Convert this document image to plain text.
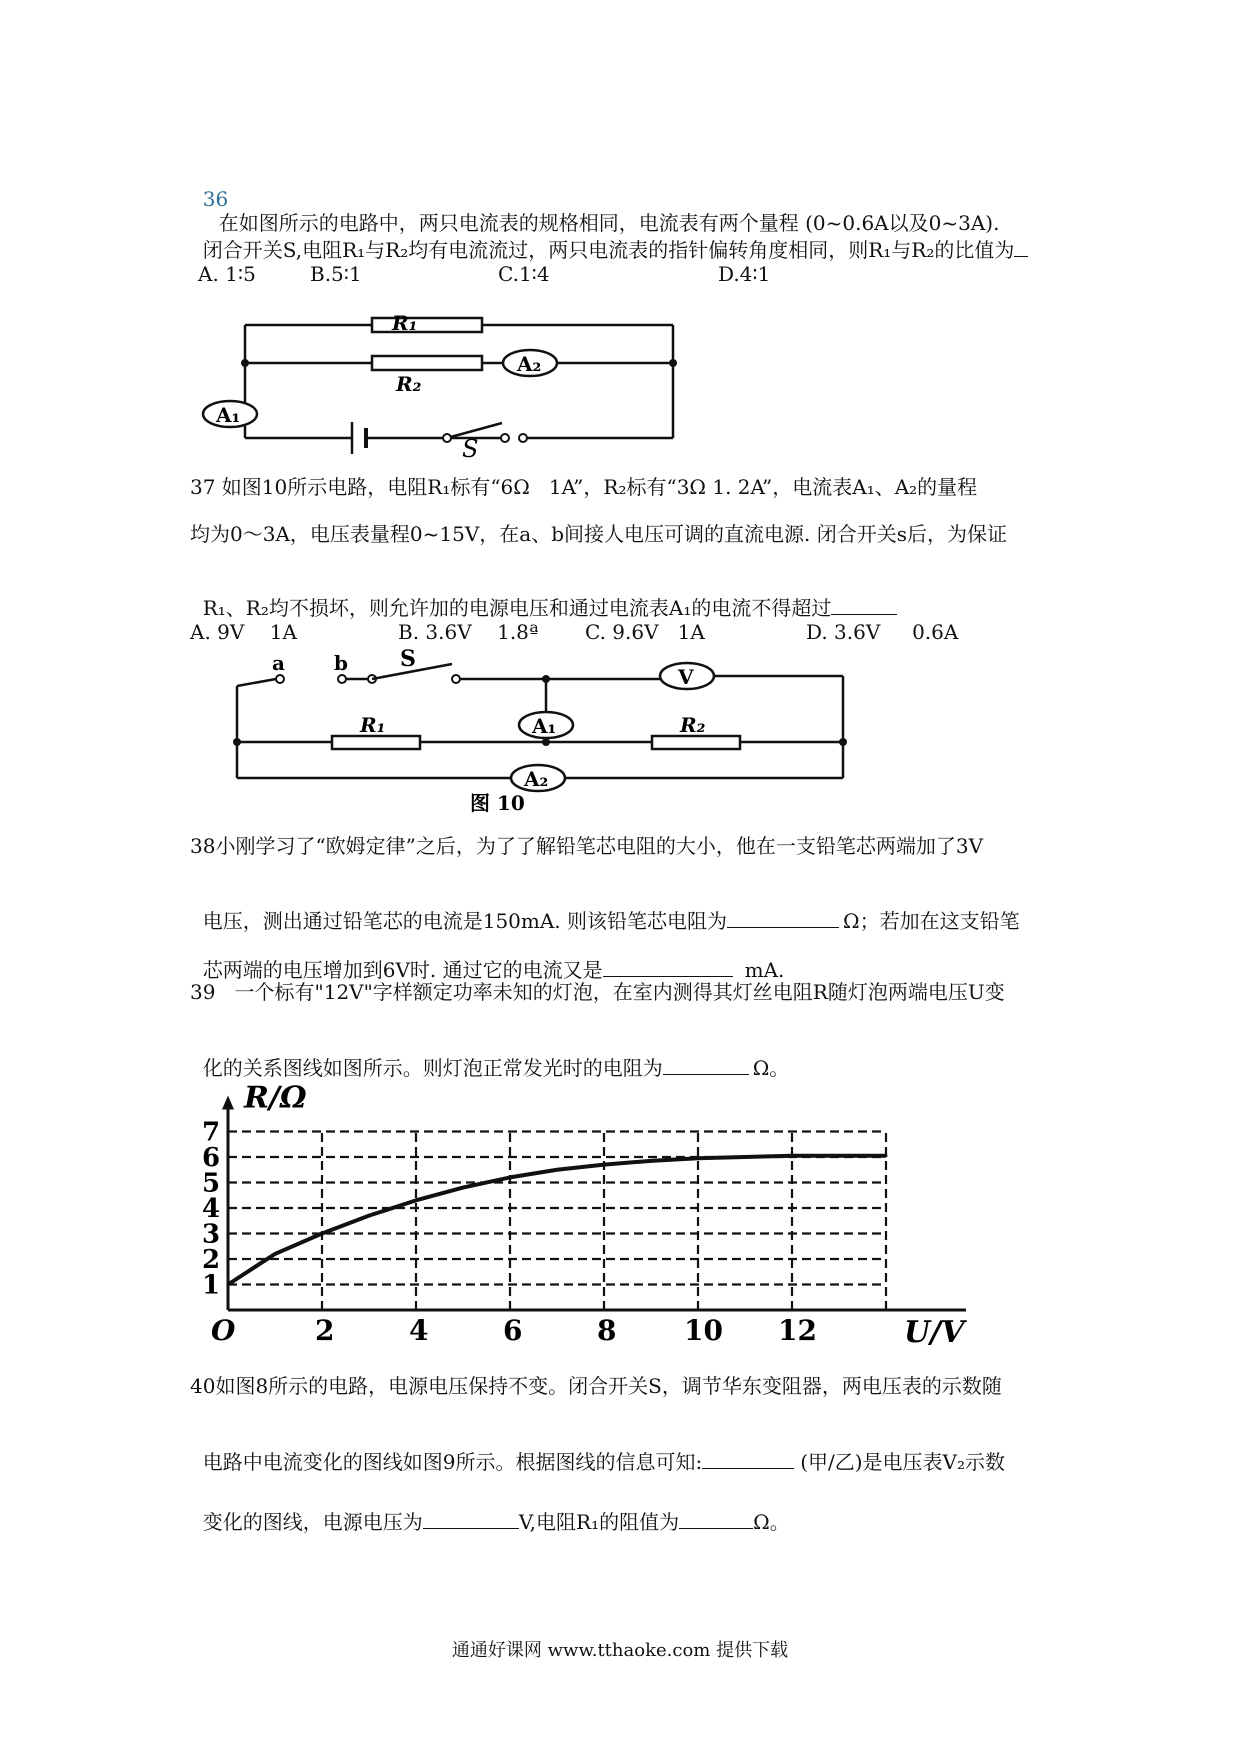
36
在如图所示的电路中，两只电流表的规格相同，电流表有两个量程 (0~0.6A以及0~3A).

闭合开关S,电阻R₁与R₂均有电流流过，两只电流表的指针偏转角度相同，则R₁与R₂的比值为

A. 1∶5	B.5∶1	C.1∶4	D.4∶1
S
A₂
A₁
R₁
R₂
37 如图10所示电路，电阻R₁标有“6Ω   1A”，R₂标有“3Ω 1. 2A”，电流表A₁、A₂的量程
均为0～3A，电压表量程0~15V，在a、b间接人电压可调的直流电源. 闭合开关s后，为保证

R₁、R₂均不损坏，则允许加的电源电压和通过电流表A₁的电流不得超过

A. 9V    1A	B. 3.6V    1.8ª C. 9.6V   1A	D. 3.6V     0.6A
a b S
V
A₁
A₂
R₁	R₂
图 10
38小刚学习了“欧姆定律”之后，为了了解铅笔芯电阻的大小，他在一支铅笔芯两端加了3V

电压，测出通过铅笔芯的电流是150mA. 则该铅笔芯电阻为	Ω；若加在这支铅笔

芯两端的电压增加到6V时. 通过它的电流又是	mA.

39   一个标有"12V"字样额定功率未知的灯泡，在室内测得其灯丝电阻R随灯泡两端电压U变

化的关系图线如图所示。则灯泡正常发光时的电阻为	Ω。

1
2
3
4
5
6
7
O	2	4	6	8 10 12
R/Ω
U/V
40如图8所示的电路，电源电压保持不变。闭合开关S，调节华东变阻器，两电压表的示数随

电路中电流变化的图线如图9所示。根据图线的信息可知:	(甲/乙)是电压表V₂示数

变化的图线，电源电压为	V,电阻R₁的阻值为	Ω。

通通好课网 www.tthaoke.com 提供下载
